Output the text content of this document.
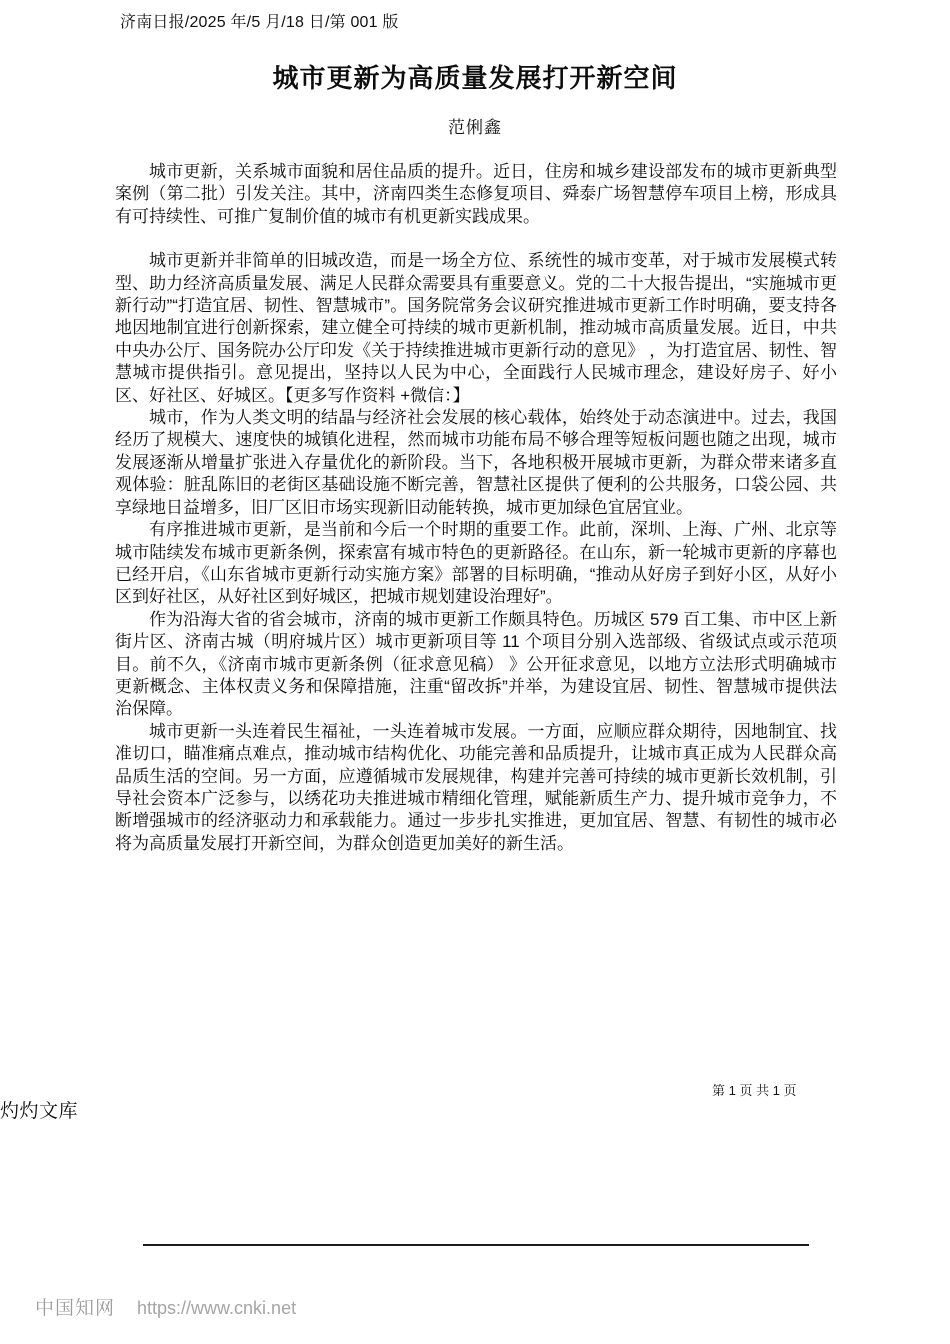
济南日报/2025 年/5 月/18 日/第 001 版
城市更新为高质量发展打开新空间
范俐鑫

城市更新，关系城市面貌和居住品质的提升。近日，住房和城乡建设部发布的城市更新典型案例（第二批）引发关注。其中，济南四类生态修复项目、舜泰广场智慧停车项目上榜，形成具有可持续性、可推广复制价值的城市有机更新实践成果。

城市更新并非简单的旧城改造，而是一场全方位、系统性的城市变革，对于城市发展模式转型、助力经济高质量发展、满足人民群众需要具有重要意义。党的二十大报告提出，“实施城市更新行动”“打造宜居、韧性、智慧城市”。国务院常务会议研究推进城市更新工作时明确，要支持各地因地制宜进行创新探索，建立健全可持续的城市更新机制，推动城市高质量发展。近日，中共中央办公厅、国务院办公厅印发《关于持续推进城市更新行动的意见》 ，为打造宜居、韧性、智慧城市提供指引。意见提出，坚持以人民为中心，全面践行人民城市理念，建设好房子、好小区、好社区、好城区。【更多写作资料 +微信：】

城市，作为人类文明的结晶与经济社会发展的核心载体，始终处于动态演进中。过去，我国经历了规模大、速度快的城镇化进程，然而城市功能布局不够合理等短板问题也随之出现，城市发展逐渐从增量扩张进入存量优化的新阶段。当下，各地积极开展城市更新，为群众带来诸多直观体验：脏乱陈旧的老街区基础设施不断完善，智慧社区提供了便利的公共服务，口袋公园、共享绿地日益增多，旧厂区旧市场实现新旧动能转换，城市更加绿色宜居宜业。

有序推进城市更新，是当前和今后一个时期的重要工作。此前，深圳、上海、广州、北京等城市陆续发布城市更新条例，探索富有城市特色的更新路径。在山东，新一轮城市更新的序幕也已经开启，《山东省城市更新行动实施方案》部署的目标明确，“推动从好房子到好小区，从好小区到好社区，从好社区到好城区，把城市规划建设治理好”。

作为沿海大省的省会城市，济南的城市更新工作颇具特色。历城区 579 百工集、市中区上新街片区、济南古城（明府城片区）城市更新项目等 11 个项目分别入选部级、省级试点或示范项目。前不久，《济南市城市更新条例（征求意见稿） 》公开征求意见，以地方立法形式明确城市更新概念、主体权责义务和保障措施，注重“留改拆”并举，为建设宜居、韧性、智慧城市提供法治保障。

城市更新一头连着民生福祉，一头连着城市发展。一方面，应顺应群众期待，因地制宜、找准切口，瞄准痛点难点，推动城市结构优化、功能完善和品质提升，让城市真正成为人民群众高品质生活的空间。另一方面，应遵循城市发展规律，构建并完善可持续的城市更新长效机制，引导社会资本广泛参与，以绣花功夫推进城市精细化管理，赋能新质生产力、提升城市竞争力，不断增强城市的经济驱动力和承载能力。通过一步步扎实推进，更加宜居、智慧、有韧性的城市必将为高质量发展打开新空间，为群众创造更加美好的新生活。

第 1 页 共 1 页
灼灼文库
中国知网 https://www.cnki.net
